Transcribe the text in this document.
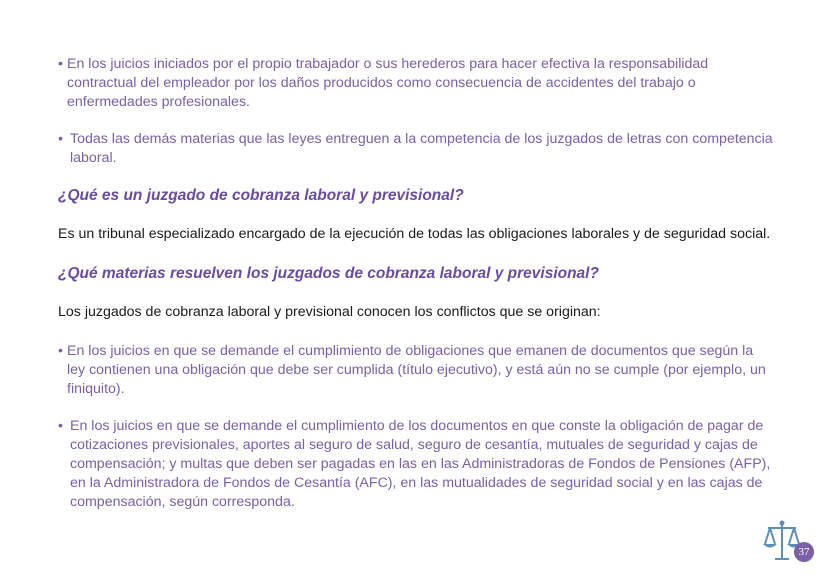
• En los juicios iniciados por el propio trabajador o sus herederos para hacer efectiva la responsabilidad contractual del empleador por los daños producidos como consecuencia de accidentes del trabajo o enfermedades profesionales.

• Todas las demás materias que las leyes entreguen a la competencia de los juzgados de letras con competencia laboral.

¿Qué es un juzgado de cobranza laboral y previsional?

Es un tribunal especializado encargado de la ejecución de todas las obligaciones laborales y de seguridad social.

¿Qué materias resuelven los juzgados de cobranza laboral y previsional?

Los juzgados de cobranza laboral y previsional conocen los conflictos que se originan:

• En los juicios en que se demande el cumplimiento de obligaciones que emanen de documentos que según la ley contienen una obligación que debe ser cumplida (título ejecutivo), y está aún no se cumple (por ejemplo, un finiquito).

• En los juicios en que se demande el cumplimiento de los documentos en que conste la obligación de pagar de cotizaciones previsionales, aportes al seguro de salud, seguro de cesantía, mutuales de seguridad y cajas de compensación; y multas que deben ser pagadas en las en las Administradoras de Fondos de Pensiones (AFP), en la Administradora de Fondos de Cesantía (AFC), en las mutualidades de seguridad social y en las cajas de compensación, según corresponda.

37
